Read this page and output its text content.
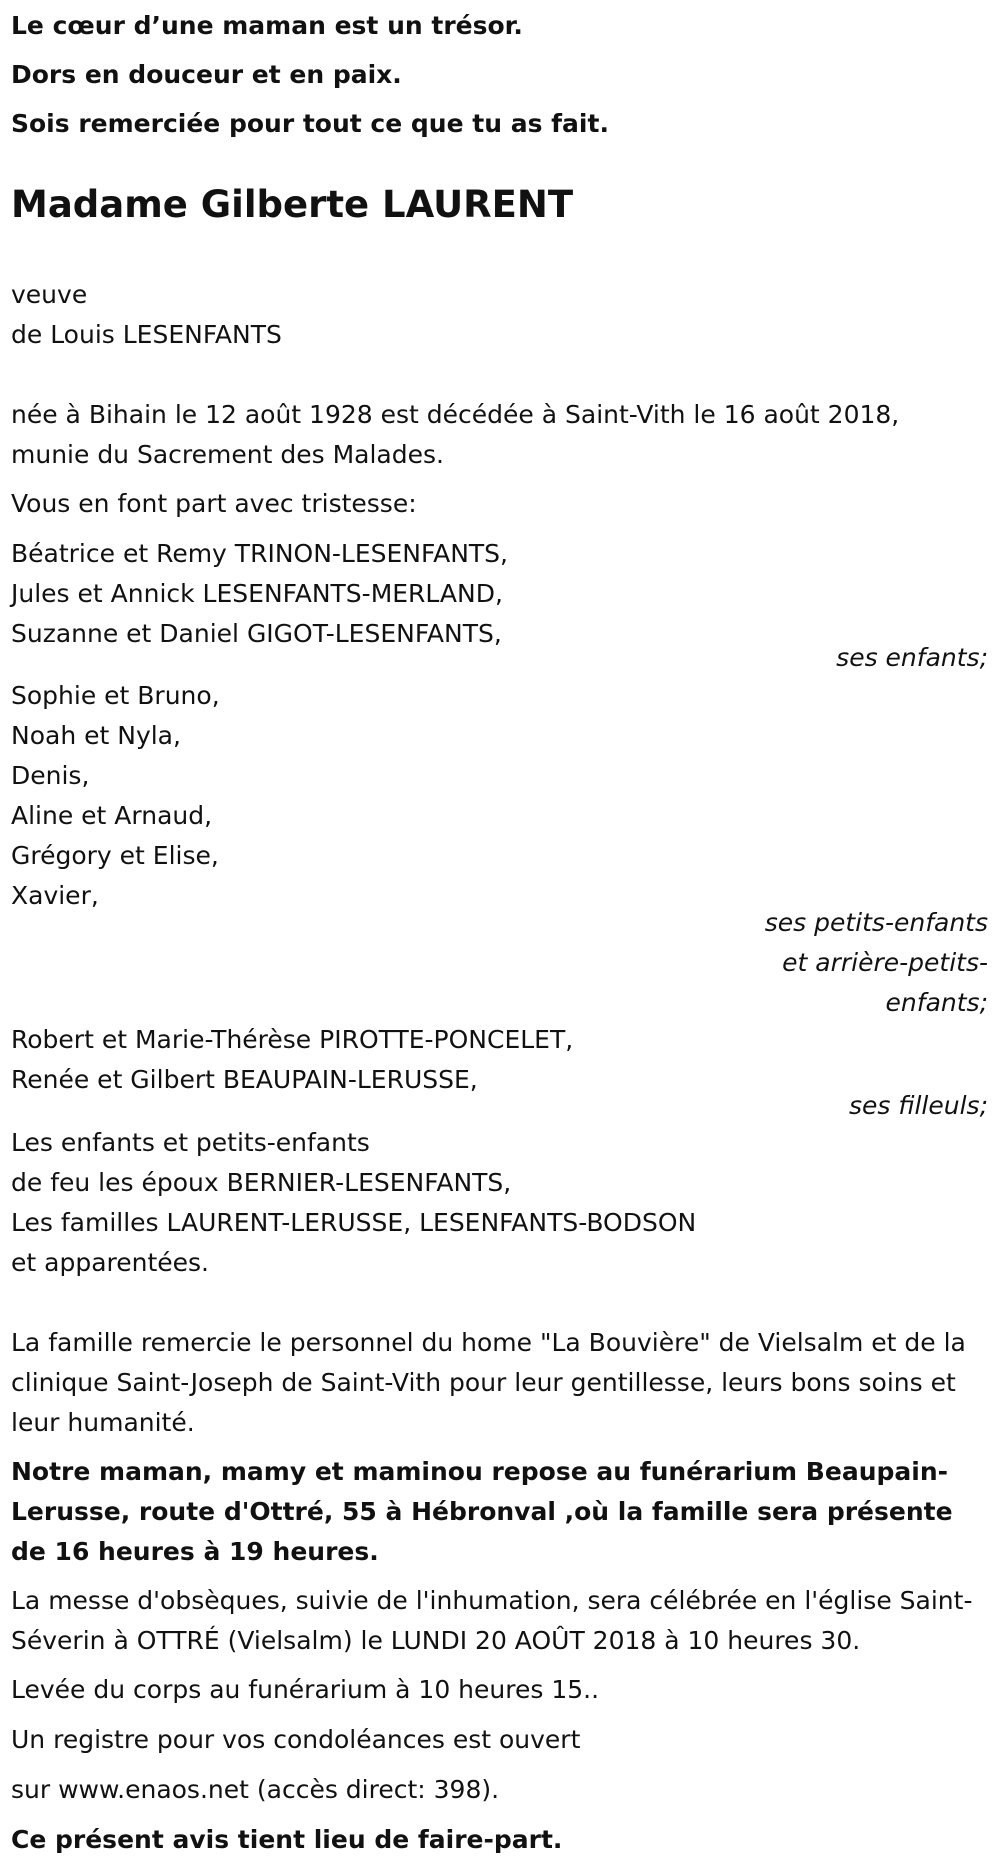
Le cœur d’une maman est un trésor.
Dors en douceur et en paix.
Sois remerciée pour tout ce que tu as fait.
Madame Gilberte LAURENT
veuve
de Louis LESENFANTS
née à Bihain le 12 août 1928 est décédée à Saint-Vith le 16 août 2018,
munie du Sacrement des Malades.
Vous en font part avec tristesse:
Béatrice et Remy TRINON-LESENFANTS,
Jules et Annick LESENFANTS-MERLAND,
Suzanne et Daniel GIGOT-LESENFANTS,
ses enfants;
Sophie et Bruno,
Noah et Nyla,
Denis,
Aline et Arnaud,
Grégory et Elise,
Xavier,
ses petits-enfants
et arrière-petits-
enfants;
Robert et Marie-Thérèse PIROTTE-PONCELET,
Renée et Gilbert BEAUPAIN-LERUSSE,
ses filleuls;
Les enfants et petits-enfants
de feu les époux BERNIER-LESENFANTS,
Les familles LAURENT-LERUSSE, LESENFANTS-BODSON
et apparentées.
La famille remercie le personnel du home "La Bouvière" de Vielsalm et de la clinique Saint-Joseph de Saint-Vith pour leur gentillesse, leurs bons soins et leur humanité.
Notre maman, mamy et maminou repose au funérarium Beaupain-Lerusse, route d'Ottré, 55 à Hébronval ,où la famille sera présente de 16 heures à 19 heures.
La messe d'obsèques, suivie de l'inhumation, sera célébrée en l'église Saint-Séverin à OTTRÉ (Vielsalm) le LUNDI 20 AOÛT 2018 à 10 heures 30.
Levée du corps au funérarium à 10 heures 15..
Un registre pour vos condoléances est ouvert
sur www.enaos.net (accès direct: 398).
Ce présent avis tient lieu de faire-part.
